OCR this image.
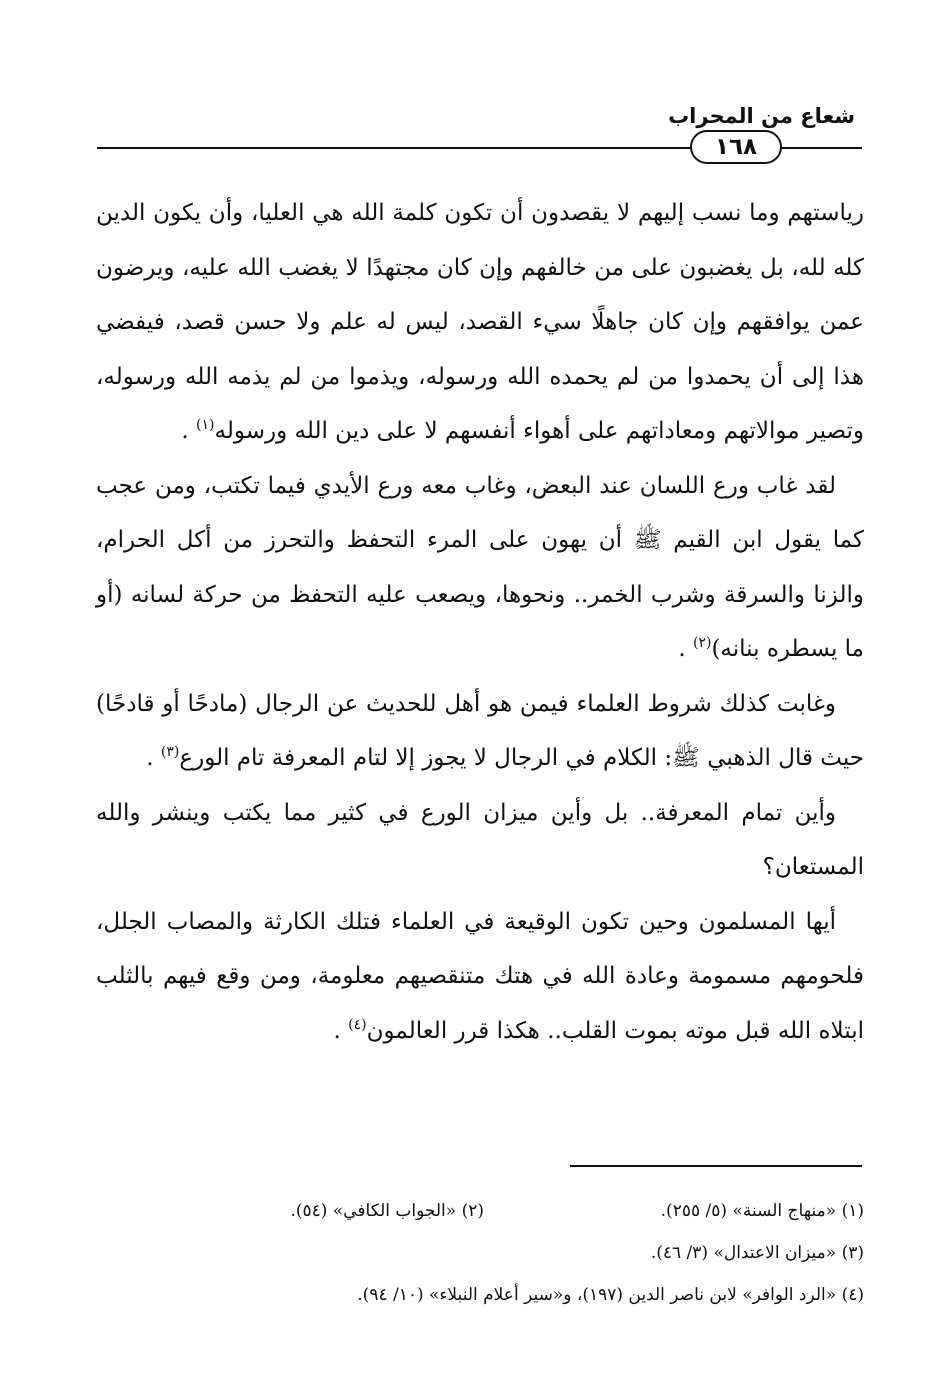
شعاع من المحراب
١٦٨

رياستهم وما نسب إليهم لا يقصدون أن تكون كلمة الله هي العليا، وأن يكون الدين كله لله، بل يغضبون على من خالفهم وإن كان مجتهدًا لا يغضب الله عليه، ويرضون عمن يوافقهم وإن كان جاهلًا سيء القصد، ليس له علم ولا حسن قصد، فيفضي هذا إلى أن يحمدوا من لم يحمده الله ورسوله، ويذموا من لم يذمه الله ورسوله، وتصير موالاتهم ومعاداتهم على أهواء أنفسهم لا على دين الله ورسوله$^{(١)}$ .

لقد غاب ورع اللسان عند البعض، وغاب معه ورع الأيدي فيما تكتب، ومن عجب كما يقول ابن القيم ﷺ أن يهون على المرء التحفظ والتحرز من أكل الحرام، والزنا والسرقة وشرب الخمر.. ونحوها، ويصعب عليه التحفظ من حركة لسانه (أو ما يسطره بنانه)$^{(٢)}$ .

وغابت كذلك شروط العلماء فيمن هو أهل للحديث عن الرجال (مادحًا أو قادحًا) حيث قال الذهبي ﷺ: الكلام في الرجال لا يجوز إلا لتام المعرفة تام الورع$^{(٣)}$ .

وأين تمام المعرفة.. بل وأين ميزان الورع في كثير مما يكتب وينشر والله المستعان؟

أيها المسلمون وحين تكون الوقيعة في العلماء فتلك الكارثة والمصاب الجلل، فلحومهم مسمومة وعادة الله في هتك متنقصيهم معلومة، ومن وقع فيهم بالثلب ابتلاه الله قبل موته بموت القلب.. هكذا قرر العالمون$^{(٤)}$ .

(١) «منهاج السنة» (٥/ ٢٥٥).
(٢) «الجواب الكافي» (٥٤).
(٣) «ميزان الاعتدال» (٣/ ٤٦).
(٤) «الرد الوافر» لابن ناصر الدين (١٩٧)، و«سير أعلام النبلاء» (١٠/ ٩٤).
